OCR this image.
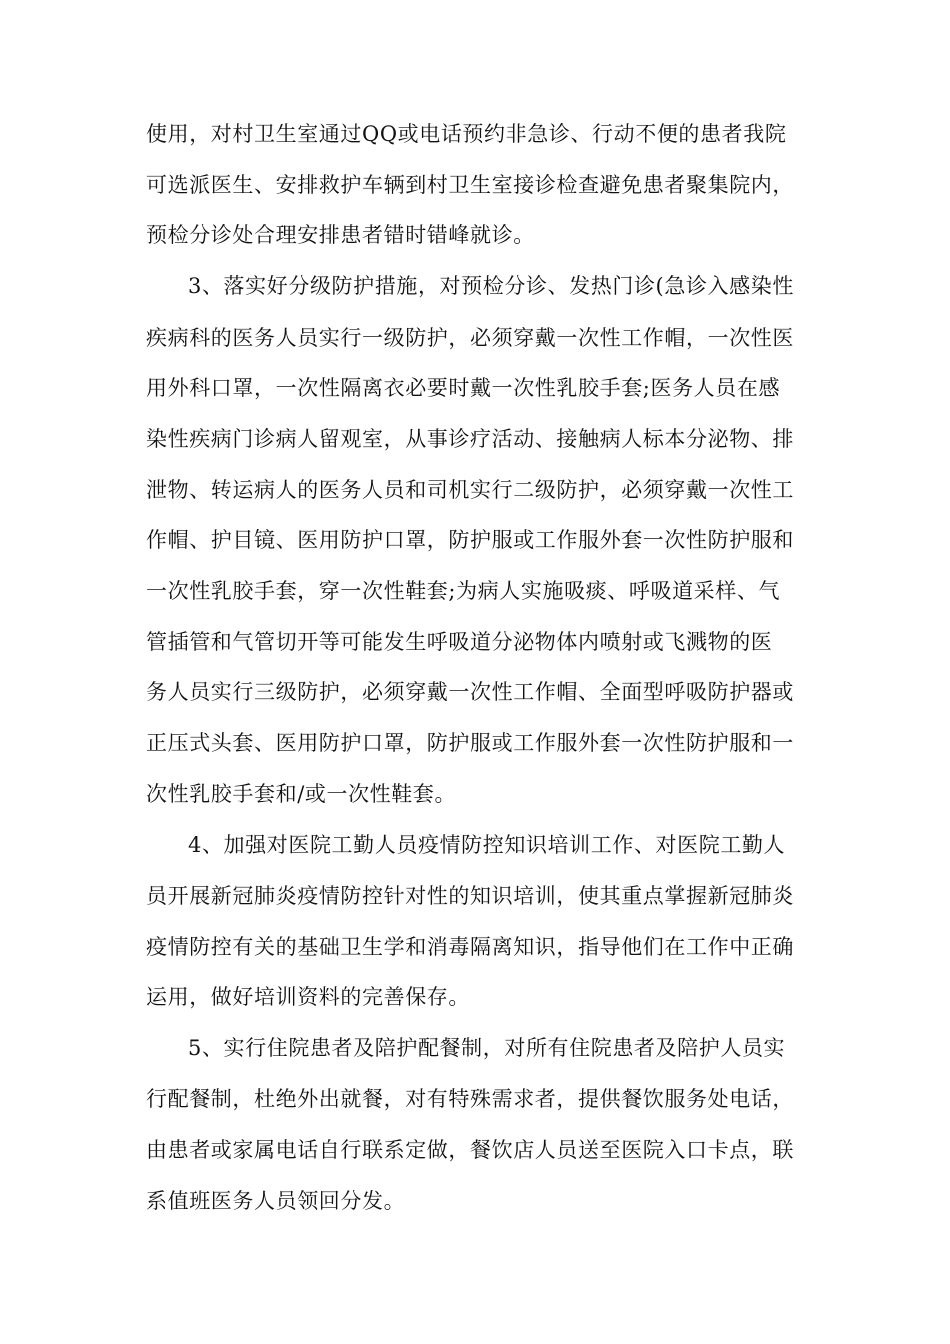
使用，对村卫生室通过QQ或电话预约非急诊、行动不便的患者我院
可选派医生、安排救护车辆到村卫生室接诊检查避免患者聚集院内，
预检分诊处合理安排患者错时错峰就诊。
3、落实好分级防护措施，对预检分诊、发热门诊(急诊入感染性
疾病科的医务人员实行一级防护，必须穿戴一次性工作帽，一次性医
用外科口罩，一次性隔离衣必要时戴一次性乳胶手套;医务人员在感
染性疾病门诊病人留观室，从事诊疗活动、接触病人标本分泌物、排
泄物、转运病人的医务人员和司机实行二级防护，必须穿戴一次性工
作帽、护目镜、医用防护口罩，防护服或工作服外套一次性防护服和
一次性乳胶手套，穿一次性鞋套;为病人实施吸痰、呼吸道采样、气
管插管和气管切开等可能发生呼吸道分泌物体内喷射或飞溅物的医
务人员实行三级防护，必须穿戴一次性工作帽、全面型呼吸防护器或
正压式头套、医用防护口罩，防护服或工作服外套一次性防护服和一
次性乳胶手套和/或一次性鞋套。
4、加强对医院工勤人员疫情防控知识培训工作、对医院工勤人
员开展新冠肺炎疫情防控针对性的知识培训，使其重点掌握新冠肺炎
疫情防控有关的基础卫生学和消毒隔离知识，指导他们在工作中正确
运用，做好培训资料的完善保存。
5、实行住院患者及陪护配餐制，对所有住院患者及陪护人员实
行配餐制，杜绝外出就餐，对有特殊需求者，提供餐饮服务处电话，
由患者或家属电话自行联系定做，餐饮店人员送至医院入口卡点，联
系值班医务人员领回分发。
